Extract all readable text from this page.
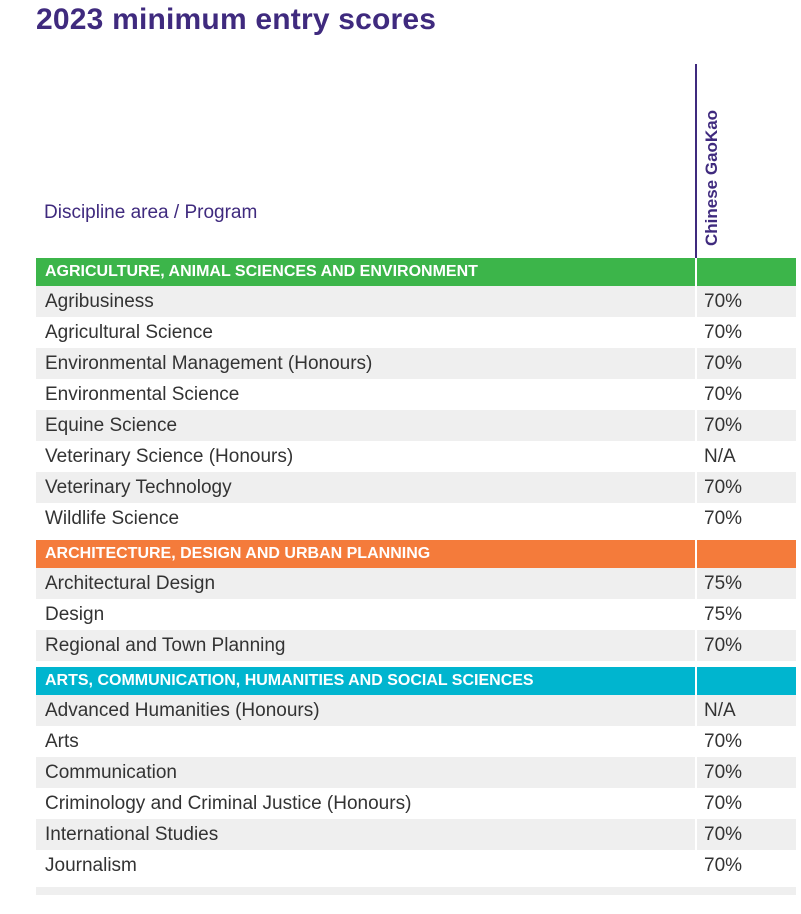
2023 minimum entry scores
Discipline area / Program	Chinese GaoKao
AGRICULTURE, ANIMAL SCIENCES AND ENVIRONMENT
Agribusiness	70%
Agricultural Science	70%
Environmental Management (Honours)	70%
Environmental Science	70%
Equine Science	70%
Veterinary Science (Honours)	N/A
Veterinary Technology	70%
Wildlife Science	70%
ARCHITECTURE, DESIGN AND URBAN PLANNING
Architectural Design	75%
Design	75%
Regional and Town Planning	70%
ARTS, COMMUNICATION, HUMANITIES AND SOCIAL SCIENCES
Advanced Humanities (Honours)	N/A
Arts	70%
Communication	70%
Criminology and Criminal Justice (Honours)	70%
International Studies	70%
Journalism	70%
